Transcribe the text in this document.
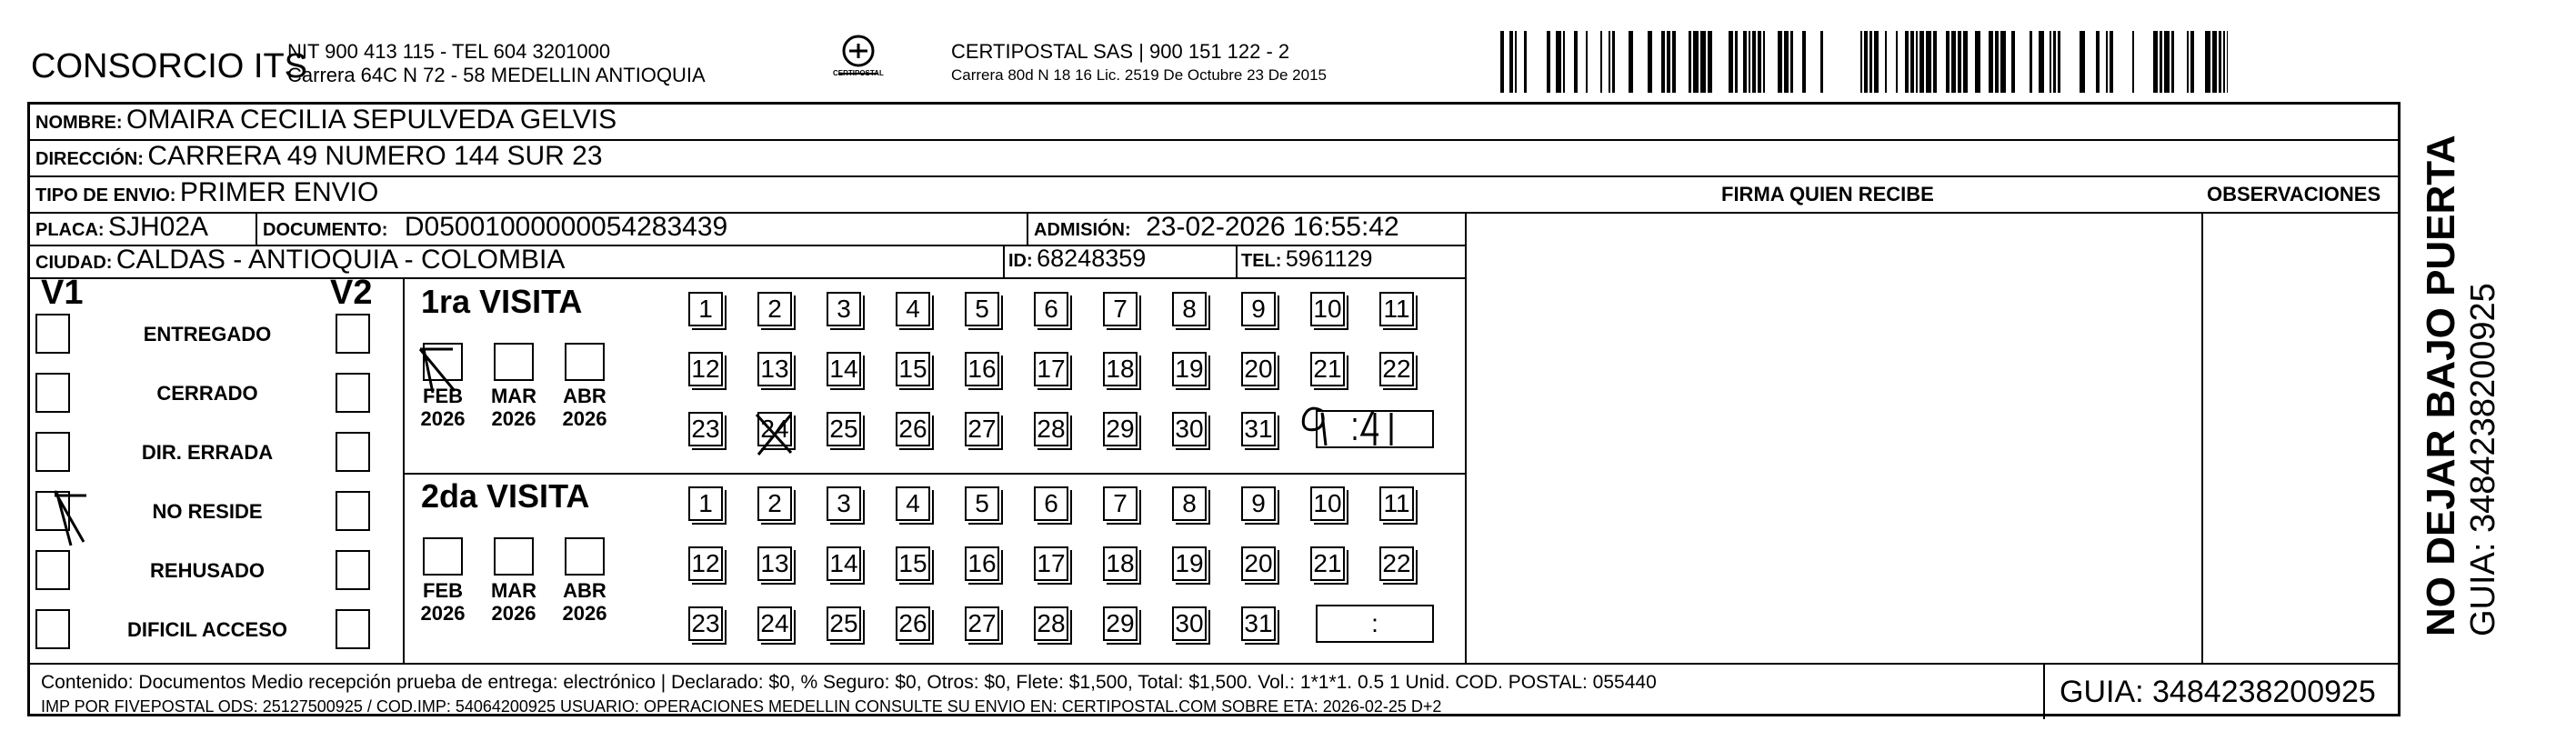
CONSORCIO ITS
NIT 900 413 115 - TEL 604 3201000
Carrera 64C N 72 - 58 MEDELLIN ANTIOQUIA	CERTIPOSTAL
CERTIPOSTAL SAS | 900 151 122 - 2
Carrera 80d N 18 16 Lic. 2519 De Octubre 23 De 2015
NOMBRE: OMAIRA CECILIA SEPULVEDA GELVIS
DIRECCIÓN: CARRERA 49 NUMERO 144 SUR 23
TIPO DE ENVIO: PRIMER ENVIO	FIRMA QUIEN RECIBE	OBSERVACIONES
PLACA: SJH02A	DOCUMENTO: D05001000000054283439	ADMISIÓN: 23-02-2026 16:55:42
CIUDAD: CALDAS - ANTIOQUIA - COLOMBIA	ID: 68248359	TEL: 5961129
V1	V2
ENTREGADO
CERRADO
DIR. ERRADA
NO RESIDE
REHUSADO
DIFICIL ACCESO
1ra VISITA
2da VISITA
FEB
2026
MAR
2026
ABR
2026
FEB
2026
MAR
2026
ABR
2026
1	2	3	4	5	6	7	8	9	10 11
12 13 14 15 16 17 18 19 20 21 22
23 24 25 26 27 28 29 30 31	:
1	2	3	4	5	6	7	8	9	10 11
12 13 14 15 16 17 18 19 20 21 22
23 24 25 26 27 28 29 30 31	:
Contenido: Documentos Medio recepción prueba de entrega: electrónico | Declarado: $0, % Seguro: $0, Otros: $0, Flete: $1,500, Total: $1,500. Vol.: 1*1*1. 0.5 1 Unid. COD. POSTAL: 055440
IMP POR FIVEPOSTAL ODS: 25127500925 / COD.IMP: 54064200925 USUARIO: OPERACIONES MEDELLIN CONSULTE SU ENVIO EN: CERTIPOSTAL.COM SOBRE ETA: 2026-02-25 D+2	GUIA: 3484238200925
NO DEJAR BAJO PUERTA GUIA: 3484238200925
